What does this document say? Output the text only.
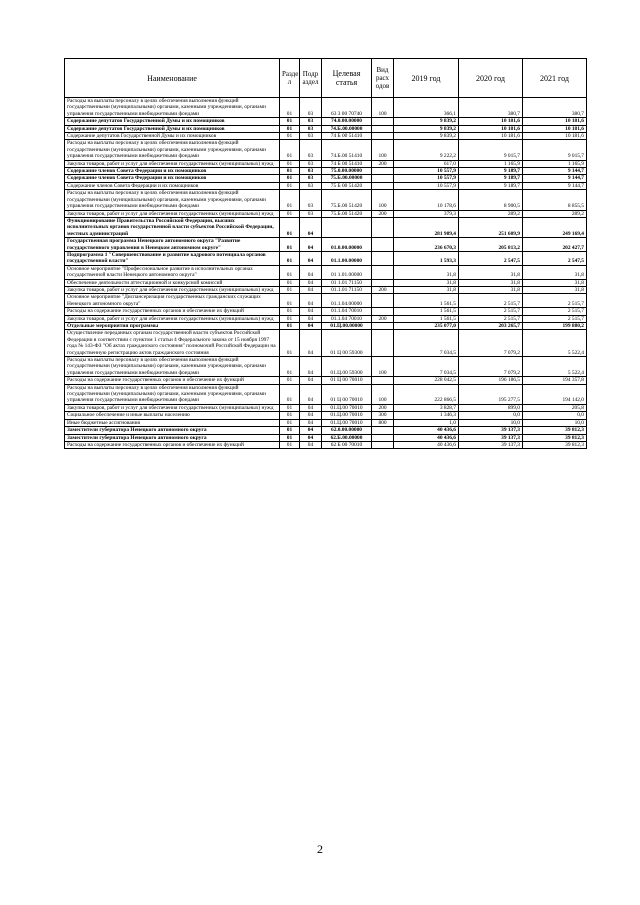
Наименование	Разде л	Подр аздел	Целевая статья	Вид расх одов	2019 год	2020 год	2021 год
Расходы на выплаты персоналу в целях обеспечения выполнения функций государственными (муниципальными) органами, казенными учреждениями, органами управления государственными внебюджетными фондами	01	03	63 3 00 70740	100	366,1	380,7	380,7
Содержание депутатов Государственной Думы и их помощников	01	03	74.0.00.00000		9 839,2	10 181,6	10 181,6
Содержание депутатов Государственной Думы и их помощников	01	03	74.Б.00.00000		9 839,2	10 181,6	10 181,6
Содержание депутатов Государственной Думы и их помощников	01	03	74 Б 00 51410		9 839,2	10 181,6	10 181,6
Расходы на выплаты персоналу в целях обеспечения выполнения функций государственными (муниципальными) органами, казенными учреждениями, органами управления государственными внебюджетными фондами	01	03	74.Б.00 51410	100	9 222,2	9 015,7	9 015,7
Закупка товаров, работ и услуг для обеспечения государственных (муниципальных) нужд	01	03	74 Б 00 51410	200	617,0	1 165,9	1 165,9
Содержание членов Совета Федерации и их помощников	01	03	75.0.00.00000		10 557,9	9 189,7	9 144,7
Содержание членов Совета Федерации и их помощников	01	03	75.Б.00.00000		10 557,9	9 189,7	9 144,7
Содержание членов Совета Федерации и их помощников	01	03	75 Б 00 51420		10 557,9	9 189,7	9 144,7
Расходы на выплаты персоналу в целях обеспечения выполнения функций государственными (муниципальными) органами, казенными учреждениями, органами управления государственными внебюджетными фондами	01	03	75.Б.00 51420	100	10 178,6	8 900,5	8 855,5
Закупка товаров, работ и услуг для обеспечения государственных (муниципальных) нужд	01	03	75.Б.00 51420	200	379,3	289,2	289,2
Функционирование Правительства Российской Федерации, высших исполнительных органов государственной власти субъектов Российской Федерации, местных администраций	01	04			281 989,4	251 609,9	249 169,4
Государственная программа Ненецкого автономного округа "Развитие государственного управления в Ненецком автономном округе"	01	04	01.0.00.00000		236 670,3	205 813,2	202 427,7
Подпрограмма 1 "Совершенствование и развитие кадрового потенциала органов государственной власти"	01	04	01.1.00.00000		1 593,3	2 547,5	2 547,5
Основное мероприятие "Профессиональное развитие в исполнительных органах государственной власти Ненецкого автономного округа"	01	04	01 1.01.00000		31,8	31,8	31,8
Обеспечение деятельности аттестационной и конкурсной комиссий	01	04	01 1.01 71150		31,8	31,8	31,8
Закупка товаров, работ и услуг для обеспечения государственных (муниципальных) нужд	01	04	01.1.01 71150	200	31,8	31,8	31,8
Основное мероприятие "Диспансеризация государственных гражданских служащих Ненецкого автономного округа"	01	04	01.1.04.00000		1 561,5	2 515,7	2 515,7
Расходы на содержание государственных органов и обеспечение их функций	01	04	01.1.04 70010		1 561,5	2 515,7	2 515,7
Закупка товаров, работ и услуг для обеспечения государственных (муниципальных) нужд	01	04	01.1.04 70010	200	1 561,5	2 515,7	2 515,7
Отдельные мероприятия программы	01	04	01.Ц.00.00000		235 077,0	203 265,7	199 880,2
Осуществление переданных органам государственной власти субъектов Российской Федерации в соответствии с пунктом 1 статьи 4 Федерального закона от 15 ноября 1997 года № 143-ФЗ "Об актах гражданского состояния" полномочий Российской Федерации на государственную регистрацию актов гражданского состояния	01	04	01 Ц 00 59300		7 034,5	7 079,2	5 522,4
Расходы на выплаты персоналу в целях обеспечения выполнения функций государственными (муниципальными) органами, казенными учреждениями, органами управления государственными внебюджетными фондами	01	04	01.Ц.00 59300	100	7 034,5	7 079,2	5 522,4
Расходы на содержание государственных органов и обеспечение их функций	01	04	01 Ц 00 70010		228 042,5	196 186,5	194 357,8
Расходы на выплаты персоналу в целях обеспечения выполнения функций государственными (муниципальными) органами, казенными учреждениями, органами управления государственными внебюджетными фондами	01	04	01 Ц 00 70010	100	222 866,5	195 277,5	194 142,0
Закупка товаров, работ и услуг для обеспечения государственных (муниципальных) нужд	01	04	01.Ц.00 70010	200	3 828,7	899,0	205,8
Социальное обеспечение и иные выплаты населению	01	04	01.Ц.00 70010	300	1 346,3	0,0	0,0
Иные бюджетные ассигнования	01	04	01.Ц.00 70010	800	1,0	10,0	10,0
Заместители губернатора Ненецкого автономного округа	01	04	62.0.00.00000		40 436,6	39 137,3	39 812,3
Заместители губернатора Ненецкого автономного округа	01	04	62.Б.00.00000		40 436,6	39 137,3	39 812,3
Расходы на содержание государственных органов и обеспечение их функций	01	04	62 Б 00 70010		40 436,6	39 137,3	39 812,3
2
